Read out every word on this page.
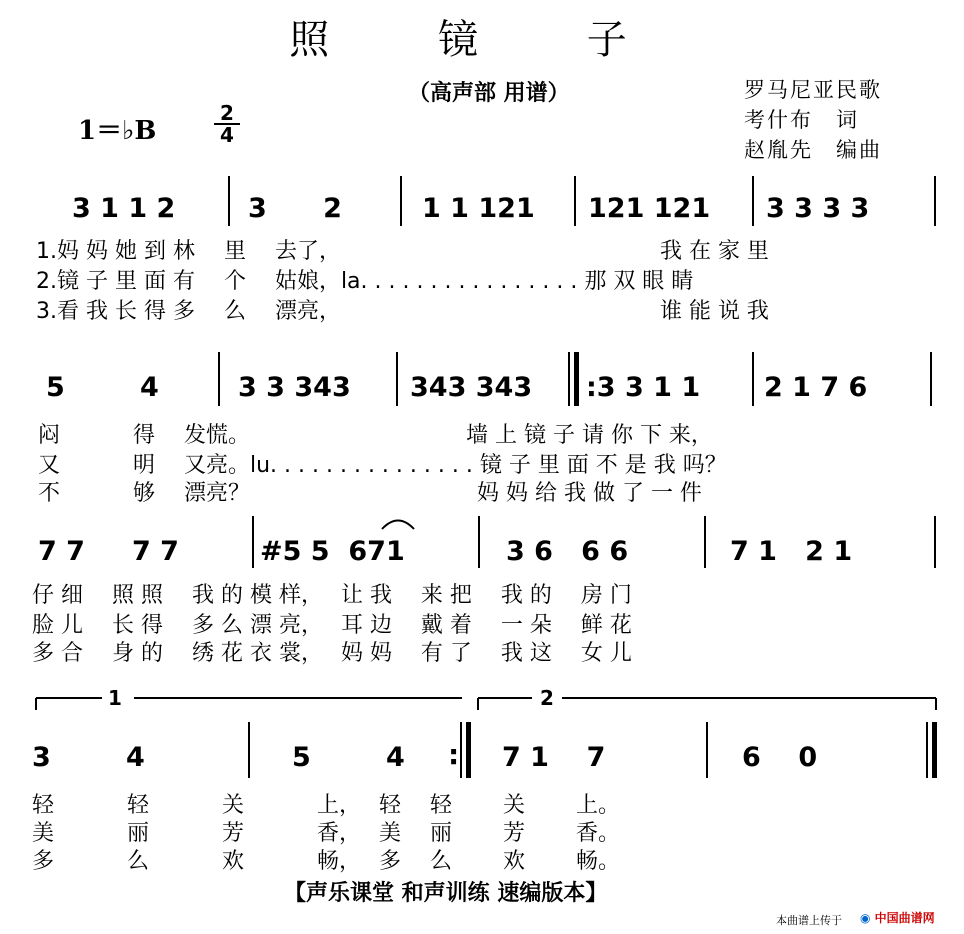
照 镜 子
（高声部 用谱）	罗马尼亚民歌
考什布　词
赵胤先　编曲
1＝♭B
2
4
3 1 1 2	3      2	1 1 121 121 121 3 3 3 3
1.妈 妈 她 到 林　 里　 去了，　　　　　　　　　　　　　　　我 在 家 里
2.镜 子 里 面 有　 个　 姑娘，la. . . . . . . . . . . . . . . . 那 双 眼 睛
3.看 我 长 得 多　 么　 漂亮，　　　　　　　　　　　　　　　谁 能 说 我
5        4	3 3 343 343 343 :3 3 1 1 2 1 7 6
闷　　　 得　 发慌。　　　　　　　　　　 墙 上 镜 子 请 你 下 来，
又　　　 明　 又亮。lu. . . . . . . . . . . . . . . 镜 子 里 面 不 是 我 吗？
不　　　 够　 漂亮？　　　　　　　　　　 妈 妈 给 我 做 了 一 件
7 7     7 7	#5 5  671	3 6   6 6	7 1   2 1
仔 细　 照 照　 我 的 模 样，　 让 我　 来 把　 我 的　 房 门
脸 儿　 长 得　 多 么 漂 亮，　 耳 边　 戴 着　 一 朵　 鲜 花
多 合　 身 的　 绣 花 衣 裳，　 妈 妈　 有 了　 我 这　 女 儿
1	2
3        4	5        4 : 7 1    7	6    0
轻　　　 轻　　　 关　　　 上，　 轻　 轻　　 关　　 上。
美　　　 丽　　　 芳　　　 香，　 美　 丽　　 芳　　 香。
多　　　 么　　　 欢　　　 畅，　 多　 么　　 欢　　 畅。
【声乐课堂 和声训练 速编版本】
本曲谱上传于 ◉ 中国曲谱网
